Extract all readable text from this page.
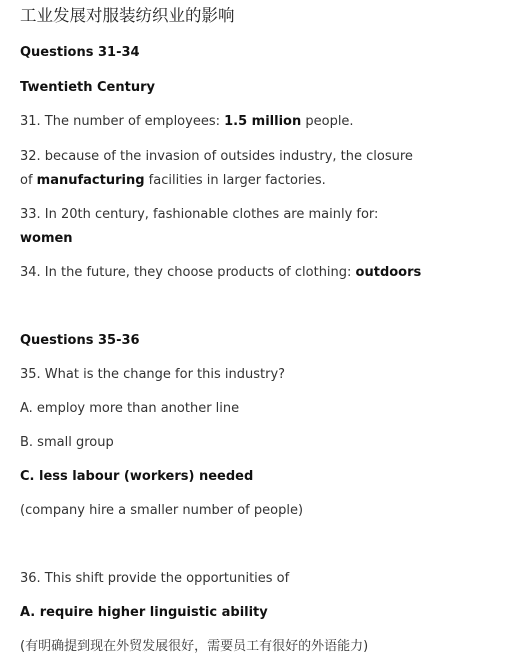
工业发展对服装纺织业的影响
Questions 31-34
Twentieth Century
31. The number of employees: 1.5 million people.
32. because of the invasion of outsides industry, the closure
of manufacturing facilities in larger factories.
33. In 20th century, fashionable clothes are mainly for:
women
34. In the future, they choose products of clothing: outdoors
Questions 35-36
35. What is the change for this industry?
A. employ more than another line
B. small group
C. less labour (workers) needed
(company hire a smaller number of people)
36. This shift provide the opportunities of
A. require higher linguistic ability
(有明确提到现在外贸发展很好，需要员工有很好的外语能力)
